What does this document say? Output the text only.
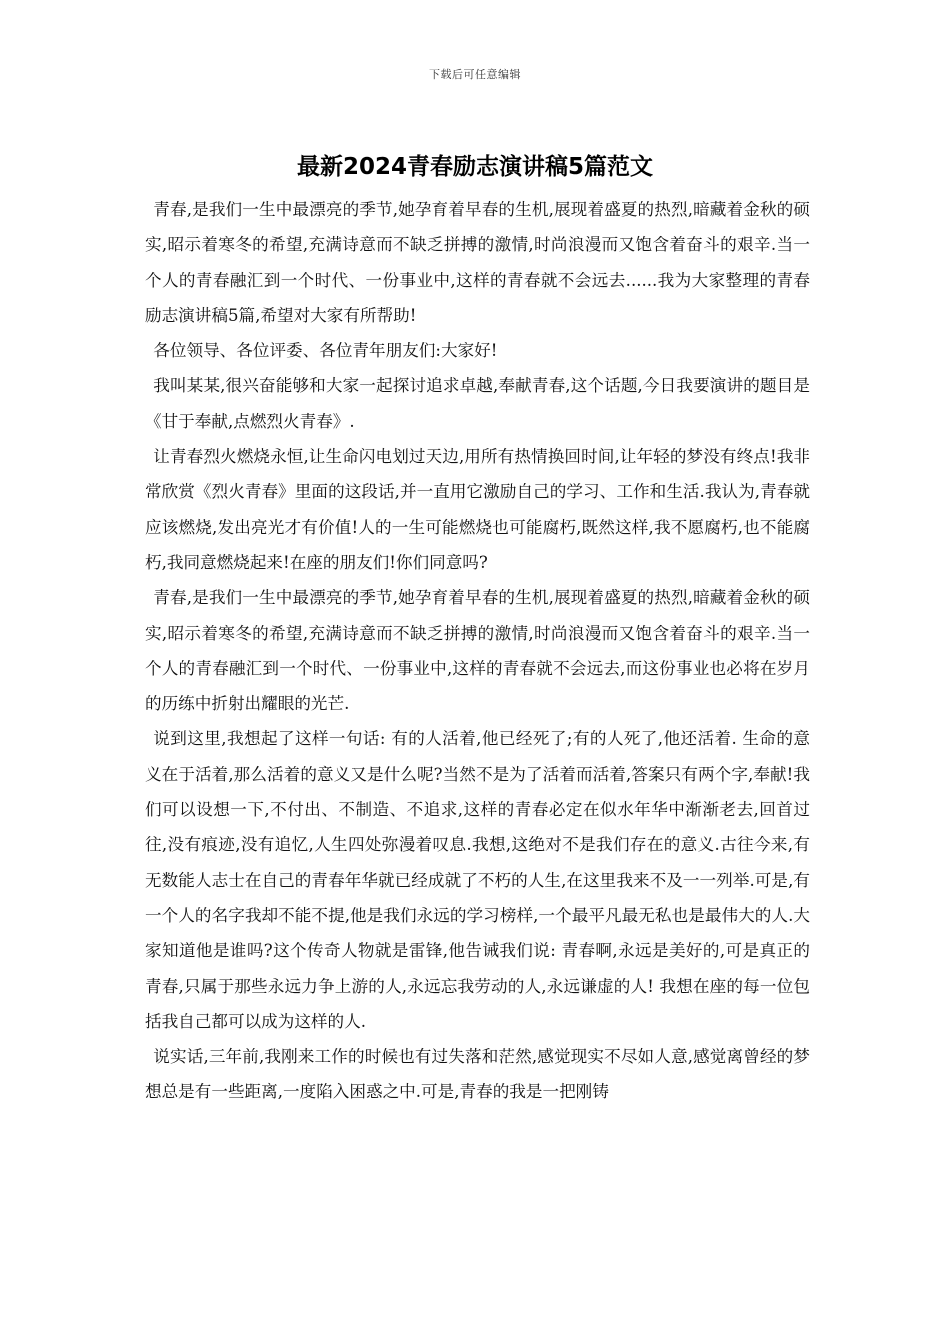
下载后可任意编辑
最新2024青春励志演讲稿5篇范文

青春,是我们一生中最漂亮的季节,她孕育着早春的生机,展现着盛夏的热烈,暗藏着金秋的硕实,昭示着寒冬的希望,充满诗意而不缺乏拼搏的激情,时尚浪漫而又饱含着奋斗的艰辛.当一个人的青春融汇到一个时代、一份事业中,这样的青春就不会远去......我为大家整理的青春励志演讲稿5篇,希望对大家有所帮助!

各位领导、各位评委、各位青年朋友们:大家好!

我叫某某,很兴奋能够和大家一起探讨追求卓越,奉献青春,这个话题,今日我要演讲的题目是《甘于奉献,点燃烈火青春》.

让青春烈火燃烧永恒,让生命闪电划过天边,用所有热情换回时间,让年轻的梦没有终点!我非常欣赏《烈火青春》里面的这段话,并一直用它激励自己的学习、工作和生活.我认为,青春就应该燃烧,发出亮光才有价值!人的一生可能燃烧也可能腐朽,既然这样,我不愿腐朽,也不能腐朽,我同意燃烧起来!在座的朋友们!你们同意吗?

青春,是我们一生中最漂亮的季节,她孕育着早春的生机,展现着盛夏的热烈,暗藏着金秋的硕实,昭示着寒冬的希望,充满诗意而不缺乏拼搏的激情,时尚浪漫而又饱含着奋斗的艰辛.当一个人的青春融汇到一个时代、一份事业中,这样的青春就不会远去,而这份事业也必将在岁月的历练中折射出耀眼的光芒.

说到这里,我想起了这样一句话: 有的人活着,他已经死了;有的人死了,他还活着. 生命的意义在于活着,那么活着的意义又是什么呢?当然不是为了活着而活着,答案只有两个字,奉献!我们可以设想一下,不付出、不制造、不追求,这样的青春必定在似水年华中渐渐老去,回首过往,没有痕迹,没有追忆,人生四处弥漫着叹息.我想,这绝对不是我们存在的意义.古往今来,有无数能人志士在自己的青春年华就已经成就了不朽的人生,在这里我来不及一一列举.可是,有一个人的名字我却不能不提,他是我们永远的学习榜样,一个最平凡最无私也是最伟大的人.大家知道他是谁吗?这个传奇人物就是雷锋,他告诫我们说: 青春啊,永远是美好的,可是真正的青春,只属于那些永远力争上游的人,永远忘我劳动的人,永远谦虚的人! 我想在座的每一位包括我自己都可以成为这样的人.

说实话,三年前,我刚来工作的时候也有过失落和茫然,感觉现实不尽如人意,感觉离曾经的梦想总是有一些距离,一度陷入困惑之中.可是,青春的我是一把刚铸
